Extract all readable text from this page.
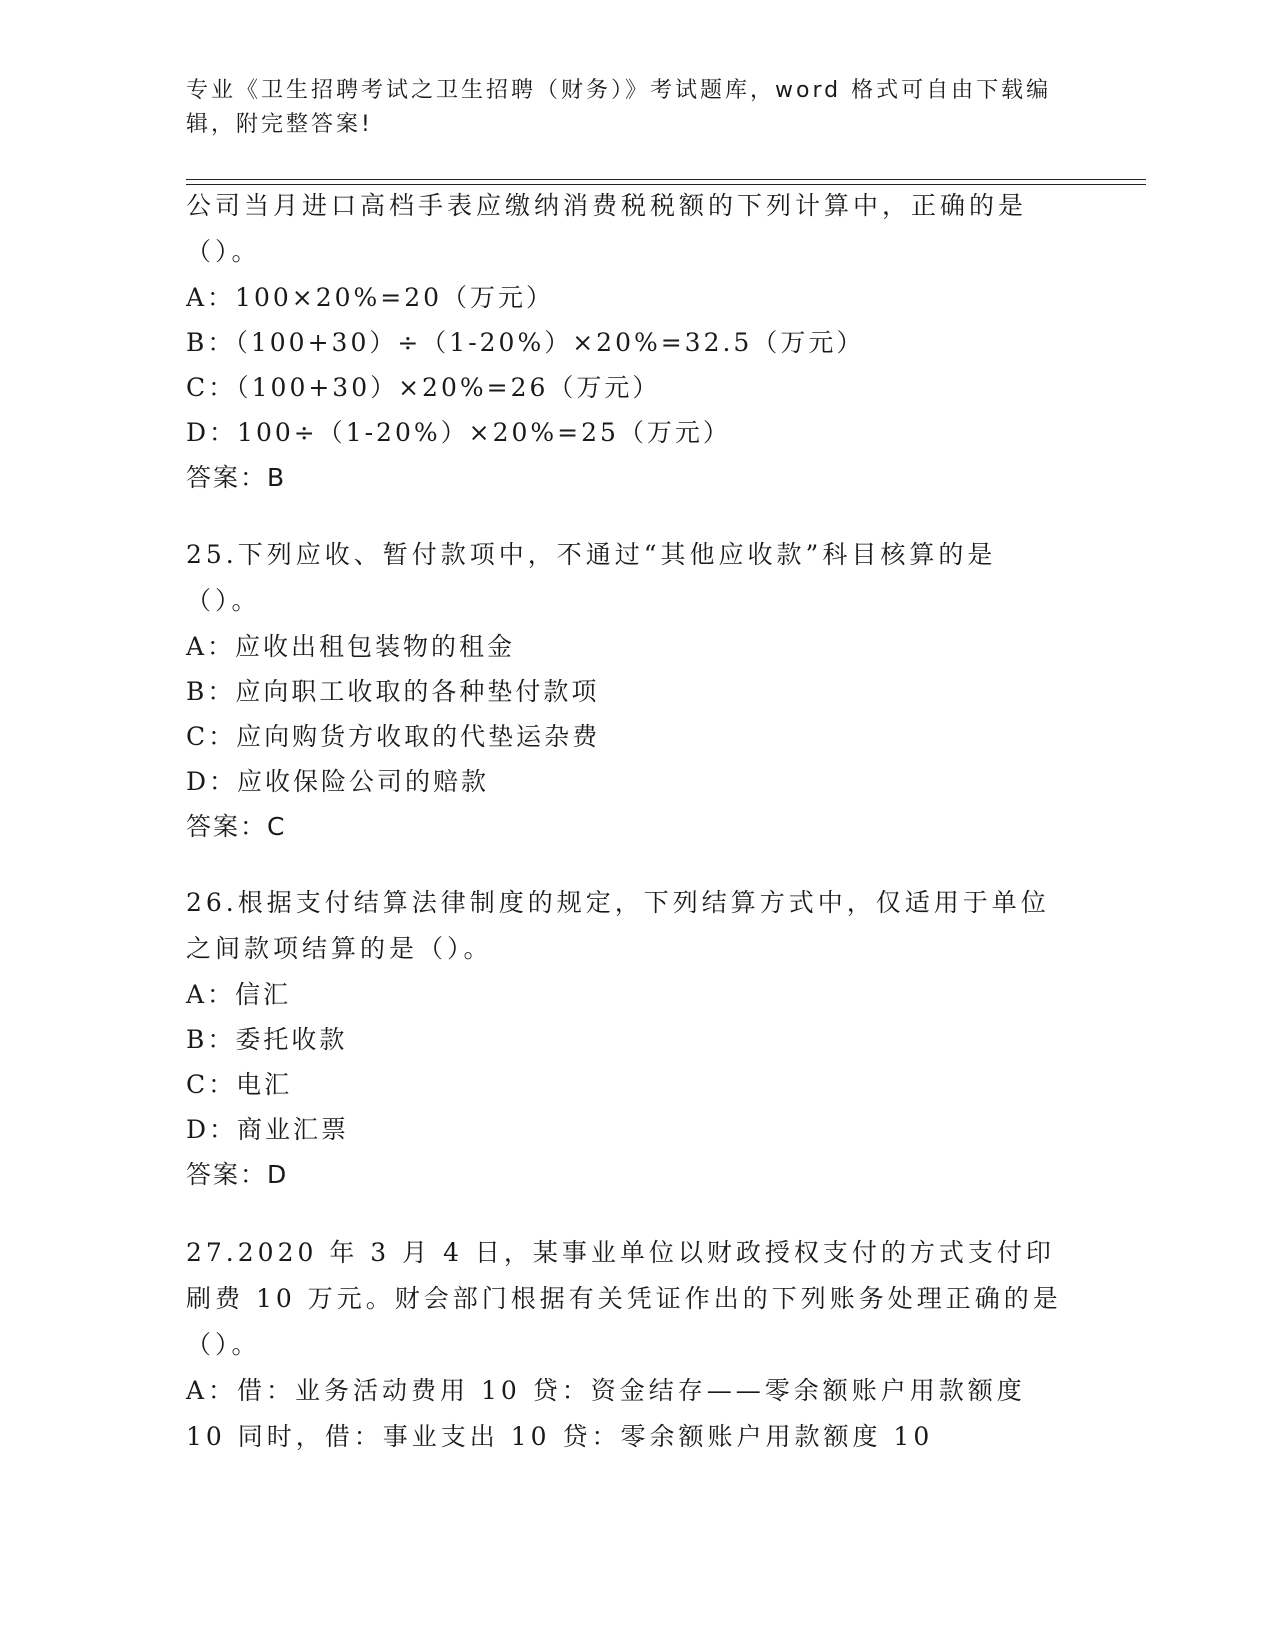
专业《卫生招聘考试之卫生招聘（财务）》考试题库，word 格式可自由下载编辑，附完整答案!

公司当月进口高档手表应缴纳消费税税额的下列计算中，正确的是（）。

A：100×20%=20（万元）

B：（100+30）÷（1-20%）×20%=32.5（万元）

C：（100+30）×20%=26（万元）

D：100÷（1-20%）×20%=25（万元）

答案：B

25.下列应收、暂付款项中，不通过“其他应收款”科目核算的是（）。

A：应收出租包装物的租金

B：应向职工收取的各种垫付款项

C：应向购货方收取的代垫运杂费

D：应收保险公司的赔款

答案：C

26.根据支付结算法律制度的规定，下列结算方式中，仅适用于单位之间款项结算的是（）。

A：信汇

B：委托收款

C：电汇

D：商业汇票

答案：D

27.2020 年 3 月 4 日，某事业单位以财政授权支付的方式支付印刷费 10 万元。财会部门根据有关凭证作出的下列账务处理正确的是（）。

A：借：业务活动费用 10 贷：资金结存——零余额账户用款额度 10 同时，借：事业支出 10 贷：零余额账户用款额度 10
